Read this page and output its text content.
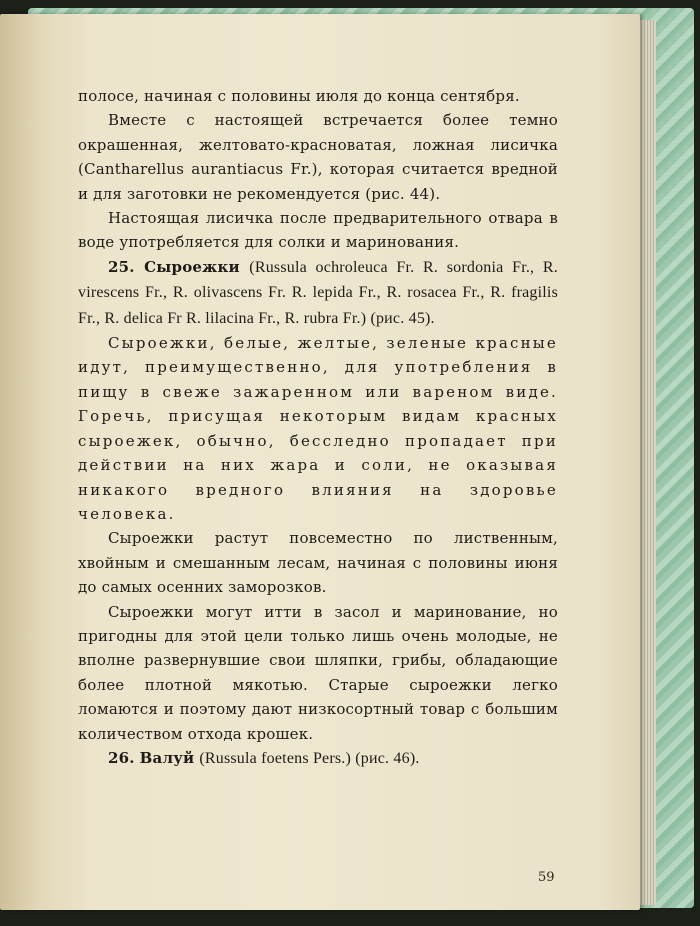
полосе, начиная с половины июля до конца сентября.

Вместе с настоящей встречается более темно окрашенная, желтовато-красноватая, ложная лисичка (Cantharellus aurantiacus Fr.), которая считается вредной и для заготовки не рекомендуется (рис. 44).

Настоящая лисичка после предварительного отвара в воде употребляется для солки и маринования.

25. Сыроежки (Russula ochroleuca Fr. R. sordonia Fr., R. virescens Fr., R. olivascens Fr. R. lepida Fr., R. rosacea Fr., R. fragilis Fr., R. delica Fr R. lilacina Fr., R. rubra Fr.) (рис. 45).

Сыроежки, белые, желтые, зеленые красные идут, преимущественно, для употребления в пищу в свеже зажаренном или вареном виде. Горечь, присущая некоторым видам красных сыроежек, обычно, бесследно пропадает при действии на них жара и соли, не оказывая никакого вредного влияния на здоровье человека.

Сыроежки растут повсеместно по лиственным, хвойным и смешанным лесам, начиная с половины июня до самых осенних заморозков.

Сыроежки могут итти в засол и маринование, но пригодны для этой цели только лишь очень молодые, не вполне развернувшие свои шляпки, грибы, обладающие более плотной мякотью. Старые сыроежки легко ломаются и поэтому дают низкосортный товар с большим количеством отхода крошек.

26. Валуй (Russula foetens Pers.) (рис. 46).

59
